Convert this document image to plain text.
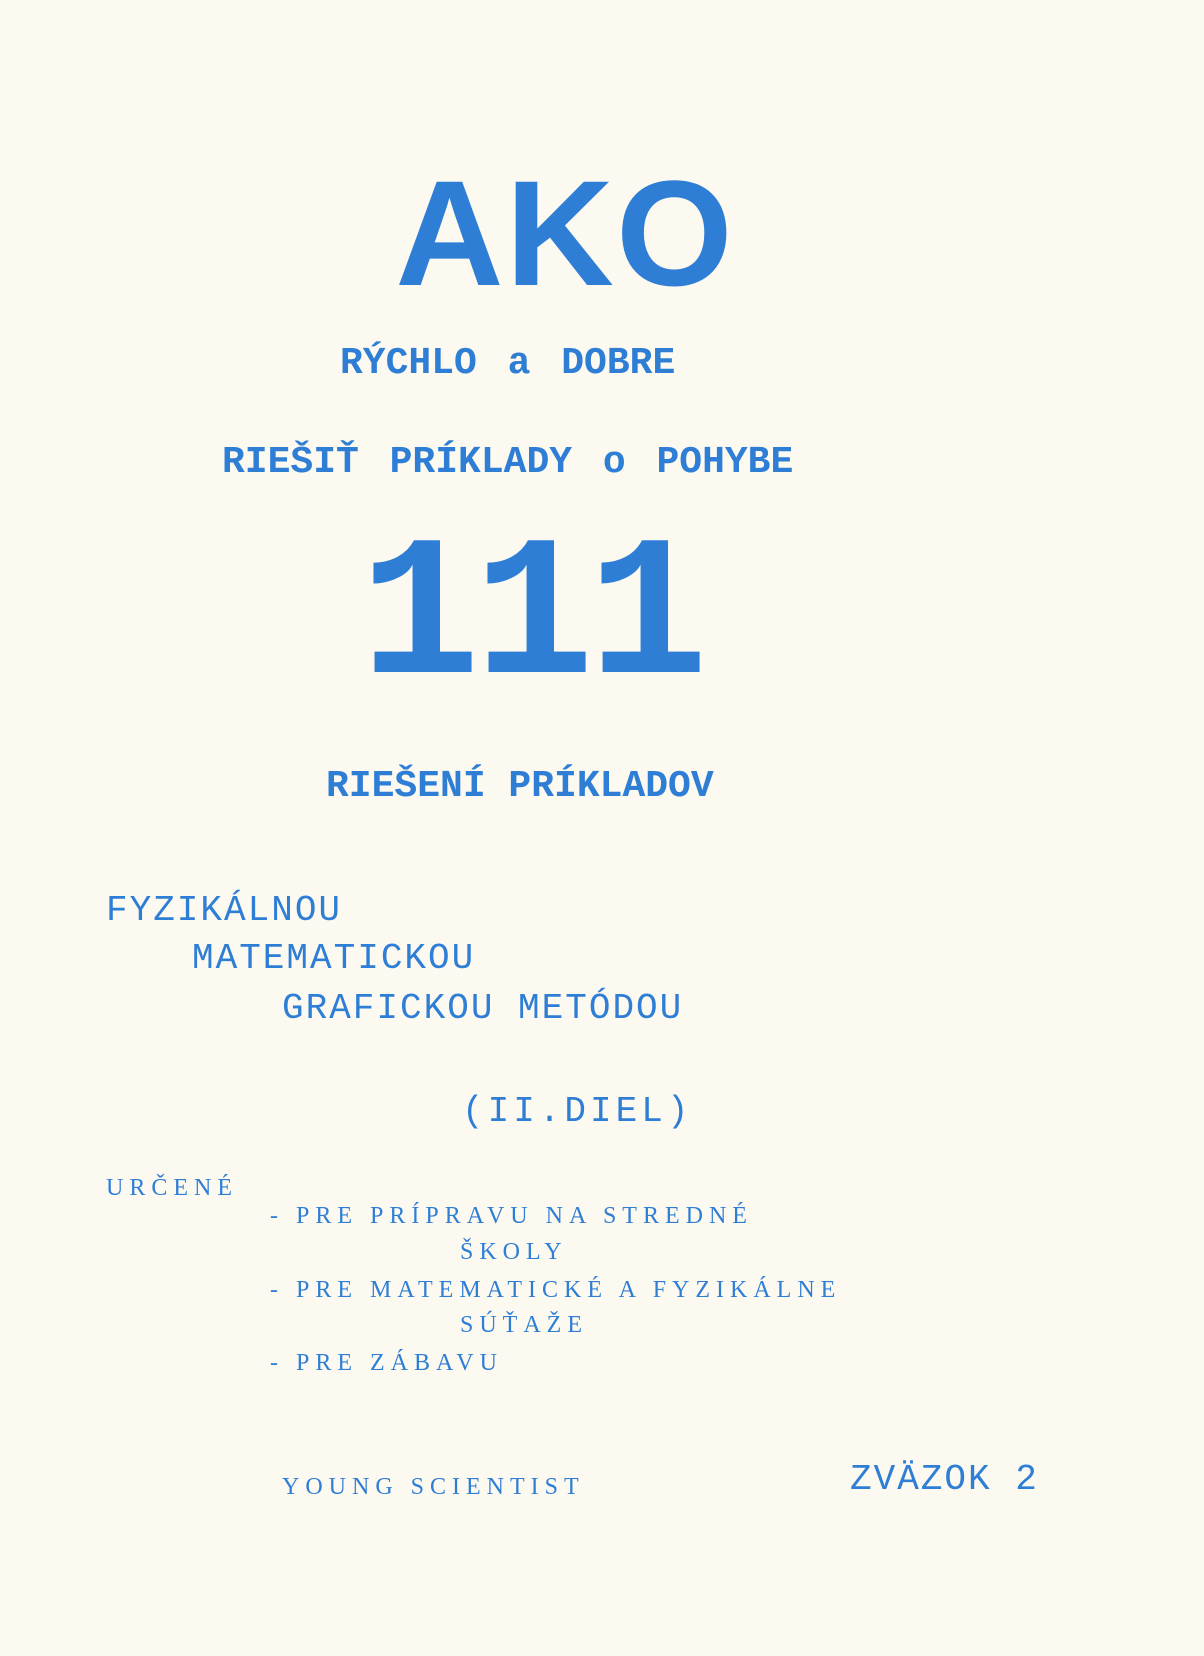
AKO
RÝCHLO a DOBRE
RIEŠIŤ PRÍKLADY o POHYBE
111
RIEŠENÍ PRÍKLADOV
FYZIKÁLNOU
MATEMATICKOU
GRAFICKOU METÓDOU
(II.DIEL)
URČENÉ
- PRE PRÍPRAVU NA STREDNÉ
ŠKOLY
- PRE MATEMATICKÉ A FYZIKÁLNE
SÚŤAŽE
- PRE ZÁBAVU
YOUNG SCIENTIST	ZVÄZOK 2
